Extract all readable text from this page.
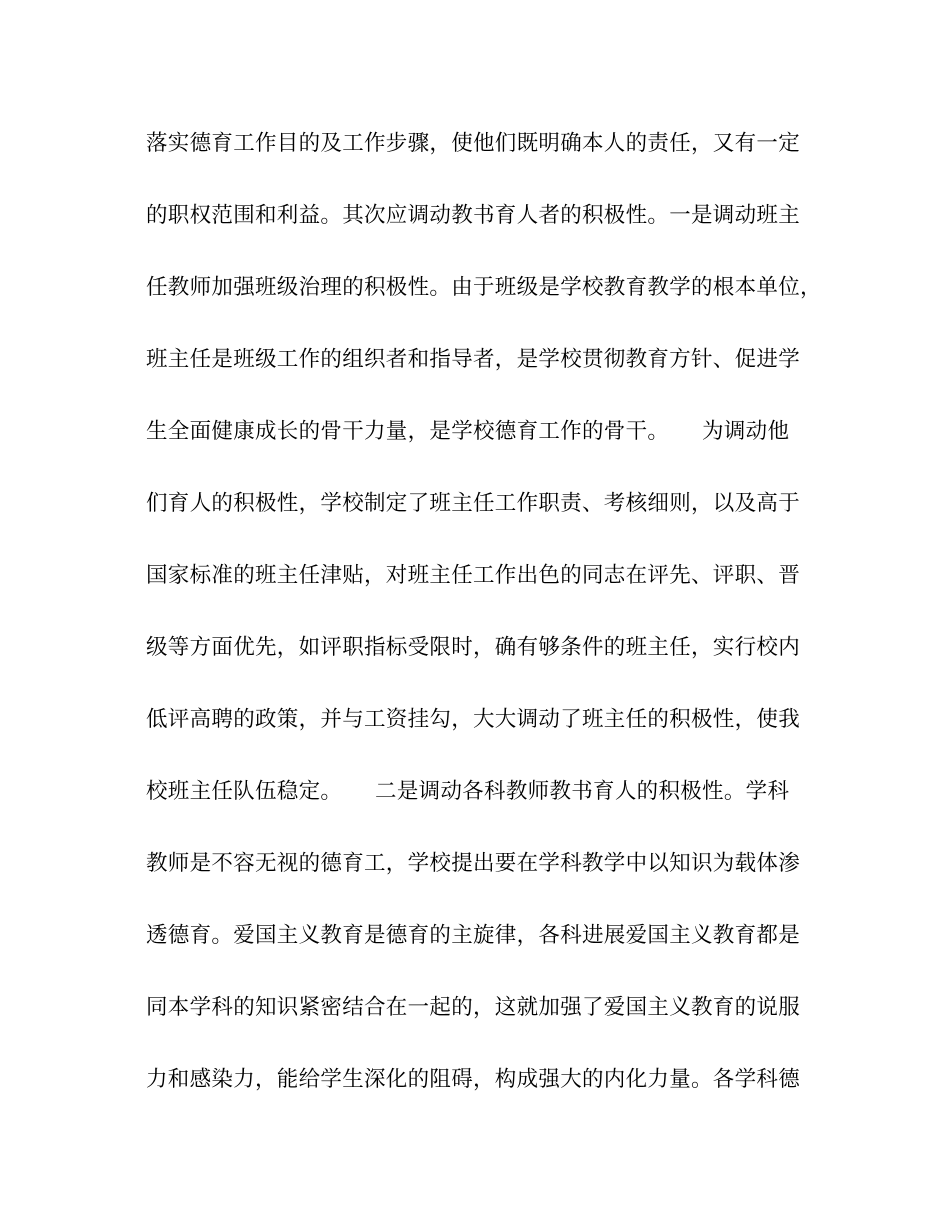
落实德育工作目的及工作步骤，使他们既明确本人的责任，又有一定
的职权范围和利益。其次应调动教书育人者的积极性。一是调动班主
任教师加强班级治理的积极性。由于班级是学校教育教学的根本单位，
班主任是班级工作的组织者和指导者，是学校贯彻教育方针、促进学
生全面健康成长的骨干力量，是学校德育工作的骨干。　　为调动他
们育人的积极性，学校制定了班主任工作职责、考核细则，以及高于
国家标准的班主任津贴，对班主任工作出色的同志在评先、评职、晋
级等方面优先，如评职指标受限时，确有够条件的班主任，实行校内
低评高聘的政策，并与工资挂勾，大大调动了班主任的积极性，使我
校班主任队伍稳定。　　二是调动各科教师教书育人的积极性。学科
教师是不容无视的德育工，学校提出要在学科教学中以知识为载体渗
透德育。爱国主义教育是德育的主旋律，各科进展爱国主义教育都是
同本学科的知识紧密结合在一起的，这就加强了爱国主义教育的说服
力和感染力，能给学生深化的阻碍，构成强大的内化力量。各学科德
